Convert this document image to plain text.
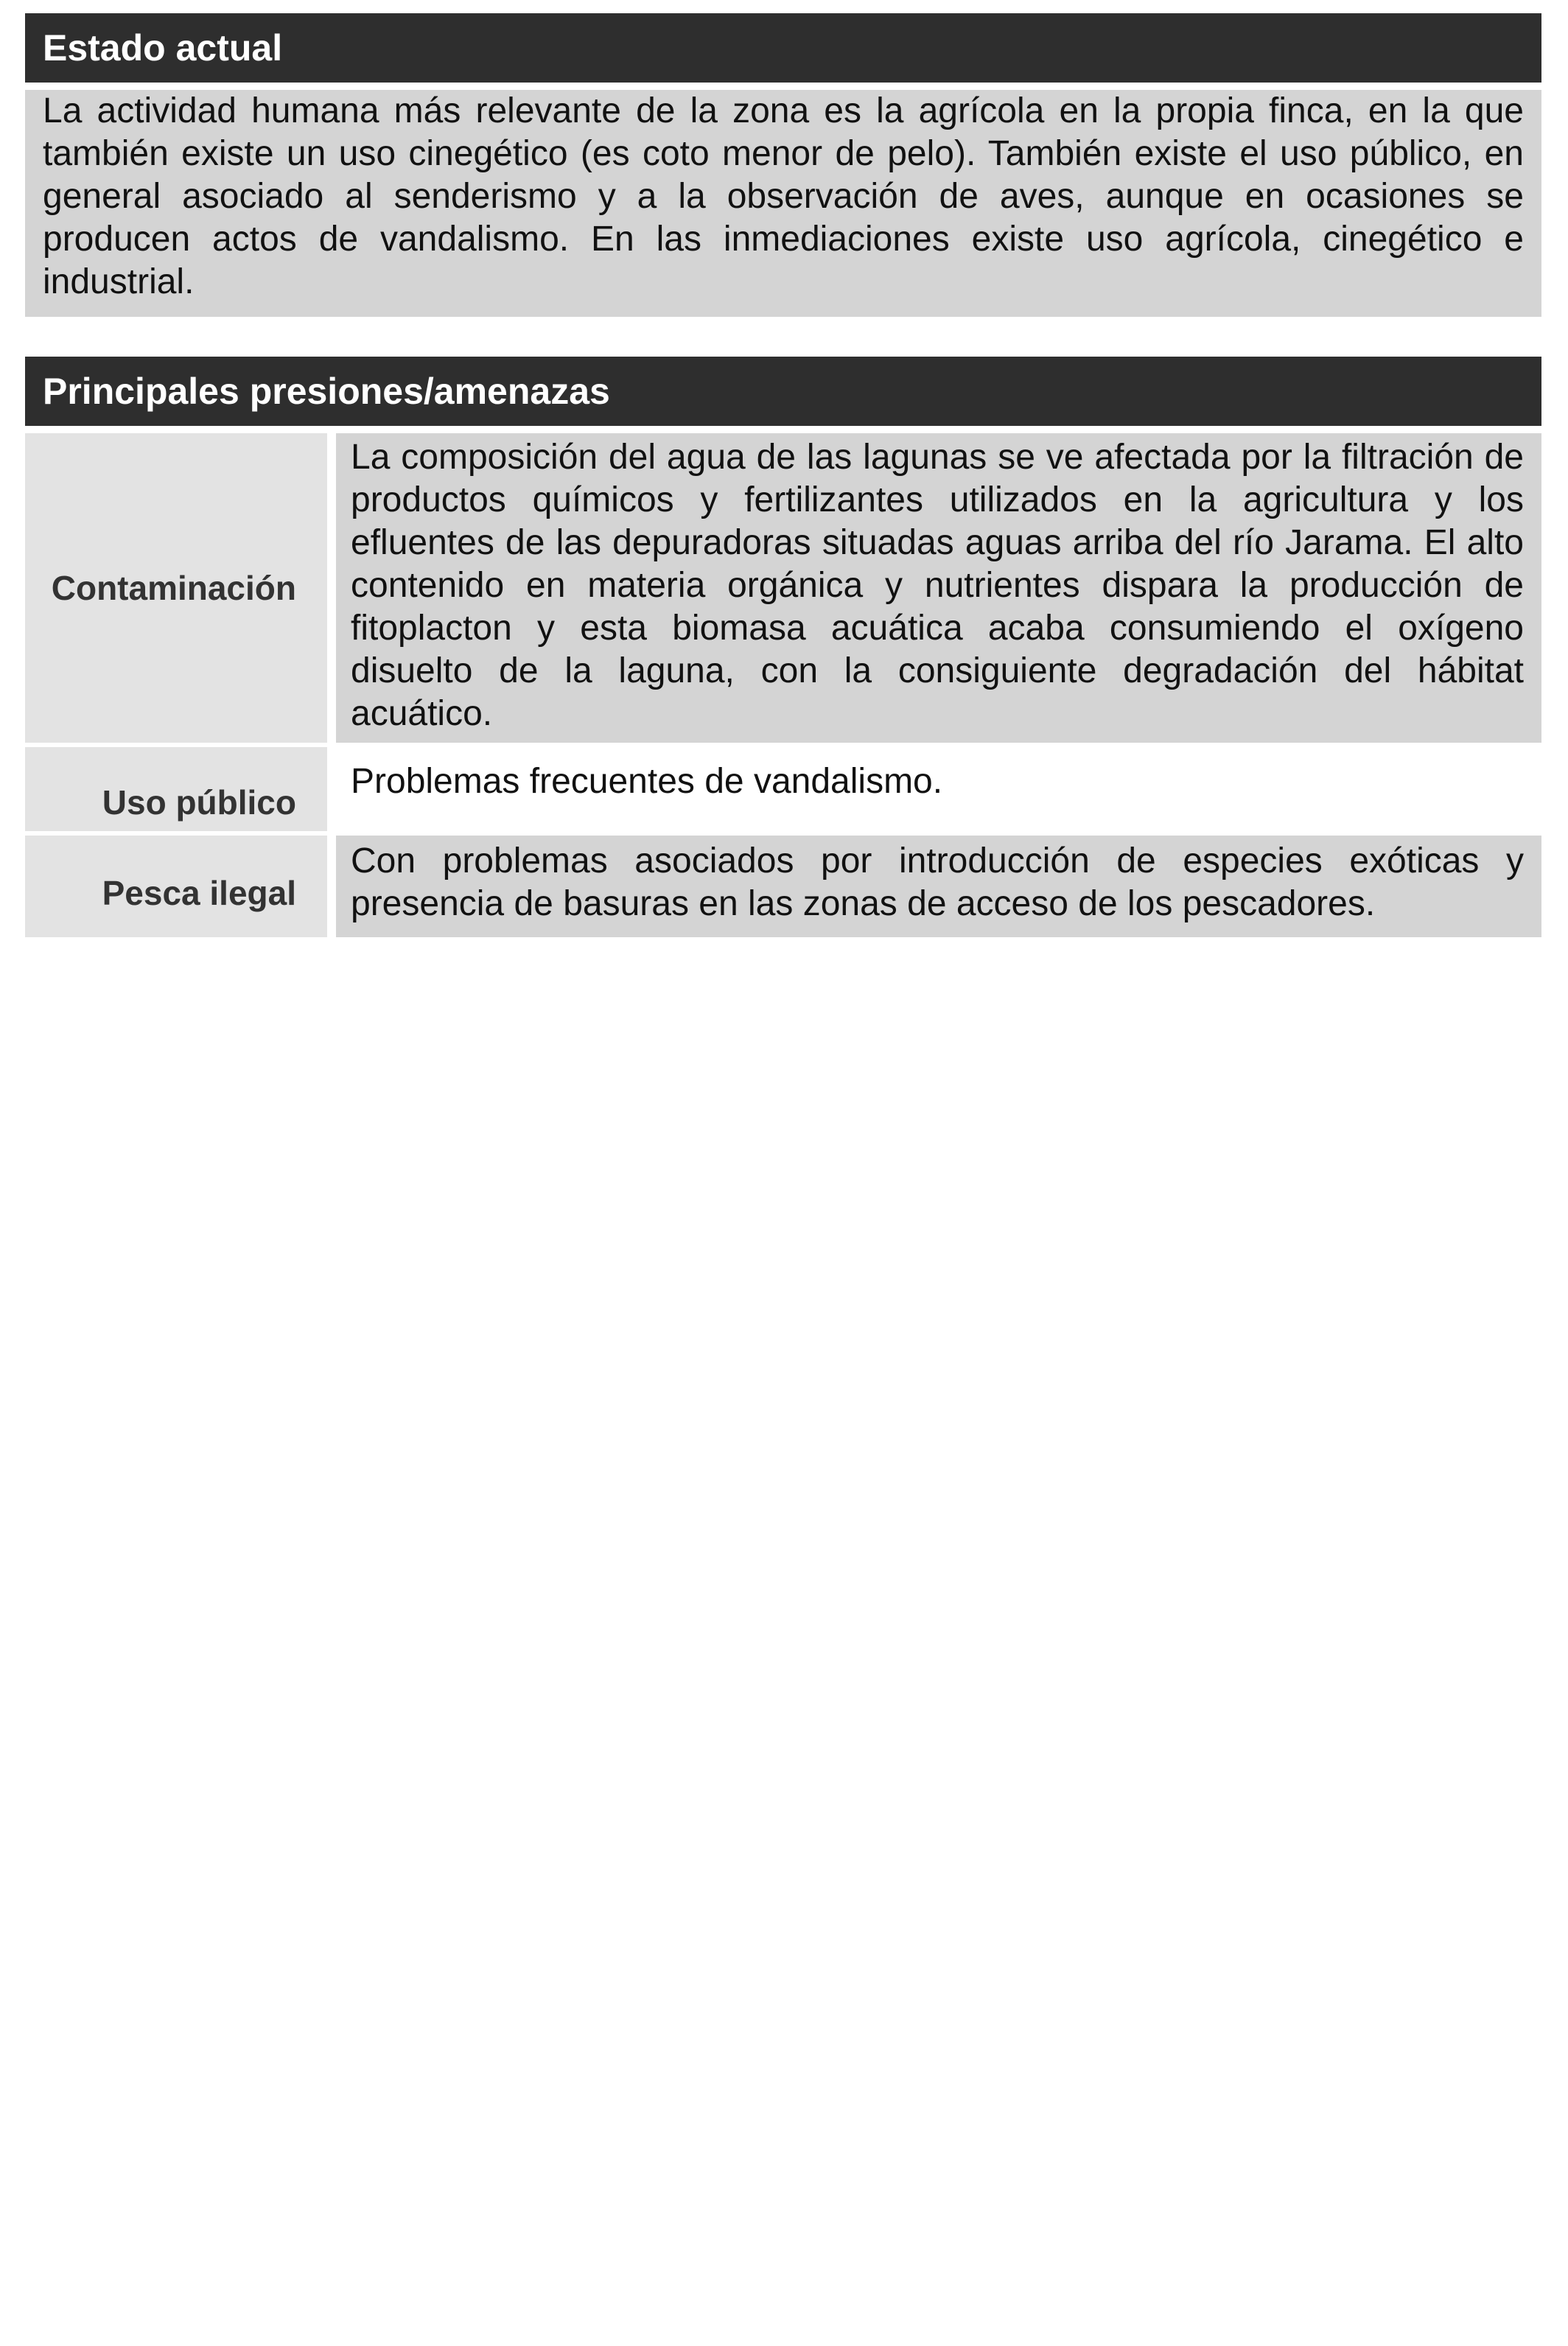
Estado actual
La actividad humana más relevante de la zona es la agrícola en la propia finca, en la que también existe un uso cinegético (es coto menor de pelo). También existe el uso público, en general asociado al senderismo y a la observación de aves, aunque en ocasiones se producen actos de vandalismo. En las inmediaciones existe uso agrícola, cinegético e industrial.
Principales presiones/amenazas
Contaminación
La composición del agua de las lagunas se ve afectada por la filtración de productos químicos y fertilizantes utilizados en la agricultura y los efluentes de las depuradoras situadas aguas arriba del río Jarama. El alto contenido en materia orgánica y nutrientes dispara la producción de fitoplacton y esta biomasa acuática acaba consumiendo el oxígeno disuelto de la laguna, con la consiguiente degradación del hábitat acuático.
Uso público
Problemas frecuentes de vandalismo.
Pesca ilegal
Con problemas asociados por introducción de especies exóticas y presencia de basuras en las zonas de acceso de los pescadores.
